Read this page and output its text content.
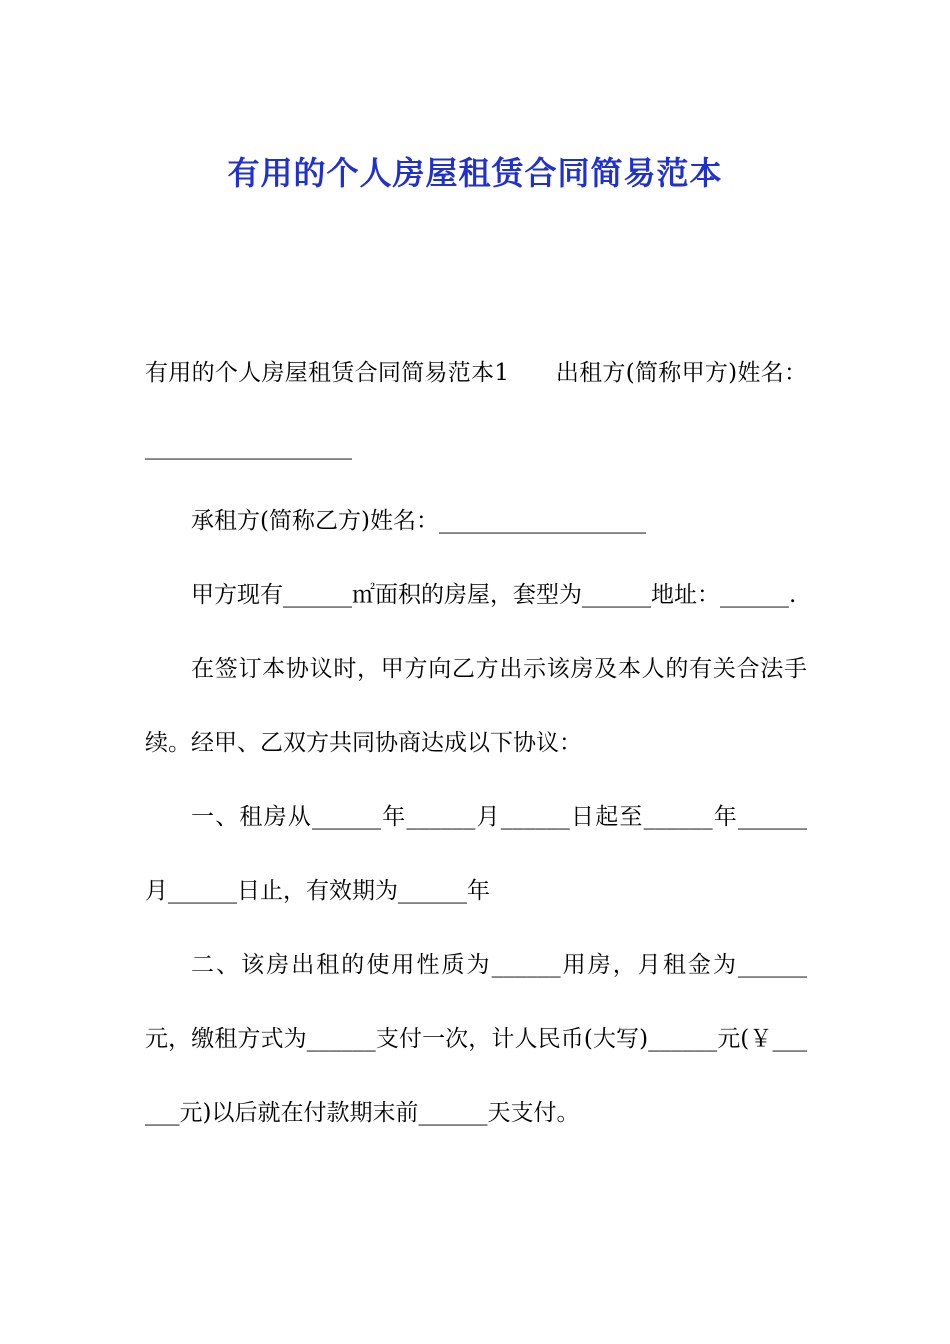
有用的个人房屋租赁合同简易范本

有用的个人房屋租赁合同简易范本1　　出租方(简称甲方)姓名：__________________

承租方(简称乙方)姓名：__________________

甲方现有______㎡面积的房屋，套型为______地址：______.

在签订本协议时，甲方向乙方出示该房及本人的有关合法手续。经甲、乙双方共同协商达成以下协议：

一、租房从______年______月______日起至______年______月______日止，有效期为______年

二、该房出租的使用性质为______用房，月租金为______元，缴租方式为______支付一次，计人民币(大写)______元(￥______元)以后就在付款期末前______天支付。
